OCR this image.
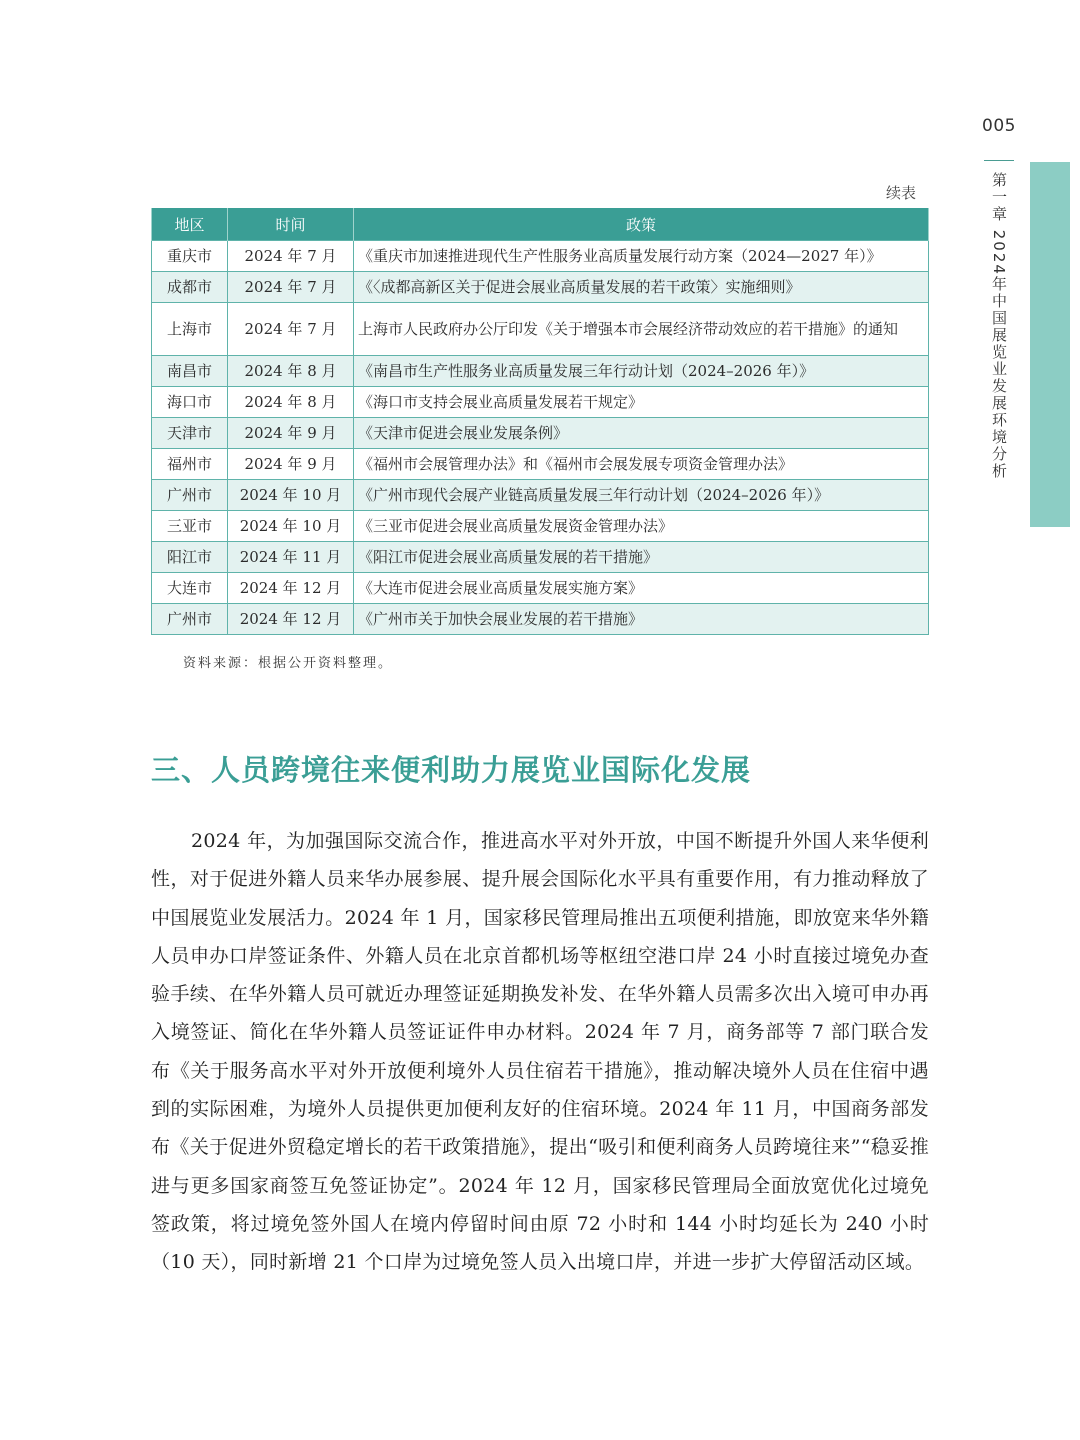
005
第一章 2024年中国展览业发展环境分析
续表
地区	时间	政策
重庆市	2024 年 7 月	《重庆市加速推进现代生产性服务业高质量发展行动方案（2024—2027 年）》
成都市	2024 年 7 月	《〈成都高新区关于促进会展业高质量发展的若干政策〉实施细则》
上海市	2024 年 7 月	上海市人民政府办公厅印发《关于增强本市会展经济带动效应的若干措施》的通知
南昌市	2024 年 8 月	《南昌市生产性服务业高质量发展三年行动计划（2024–2026 年）》
海口市	2024 年 8 月	《海口市支持会展业高质量发展若干规定》
天津市	2024 年 9 月	《天津市促进会展业发展条例》
福州市	2024 年 9 月	《福州市会展管理办法》和《福州市会展发展专项资金管理办法》
广州市	2024 年 10 月	《广州市现代会展产业链高质量发展三年行动计划（2024–2026 年）》
三亚市	2024 年 10 月	《三亚市促进会展业高质量发展资金管理办法》
阳江市	2024 年 11 月	《阳江市促进会展业高质量发展的若干措施》
大连市	2024 年 12 月	《大连市促进会展业高质量发展实施方案》
广州市	2024 年 12 月	《广州市关于加快会展业发展的若干措施》
资料来源：根据公开资料整理。
三、人员跨境往来便利助力展览业国际化发展

2024 年，为加强国际交流合作，推进高水平对外开放，中国不断提升外国人来华便利性，对于促进外籍人员来华办展参展、提升展会国际化水平具有重要作用，有力推动释放了中国展览业发展活力。2024 年 1 月，国家移民管理局推出五项便利措施，即放宽来华外籍人员申办口岸签证条件、外籍人员在北京首都机场等枢纽空港口岸 24 小时直接过境免办查验手续、在华外籍人员可就近办理签证延期换发补发、在华外籍人员需多次出入境可申办再入境签证、简化在华外籍人员签证证件申办材料。2024 年 7 月，商务部等 7 部门联合发布《关于服务高水平对外开放便利境外人员住宿若干措施》，推动解决境外人员在住宿中遇到的实际困难，为境外人员提供更加便利友好的住宿环境。2024 年 11 月，中国商务部发布《关于促进外贸稳定增长的若干政策措施》，提出“吸引和便利商务人员跨境往来”“稳妥推进与更多国家商签互免签证协定”。2024 年 12 月，国家移民管理局全面放宽优化过境免签政策，将过境免签外国人在境内停留时间由原 72 小时和 144 小时均延长为 240 小时（10 天），同时新增 21 个口岸为过境免签人员入出境口岸，并进一步扩大停留活动区域。
